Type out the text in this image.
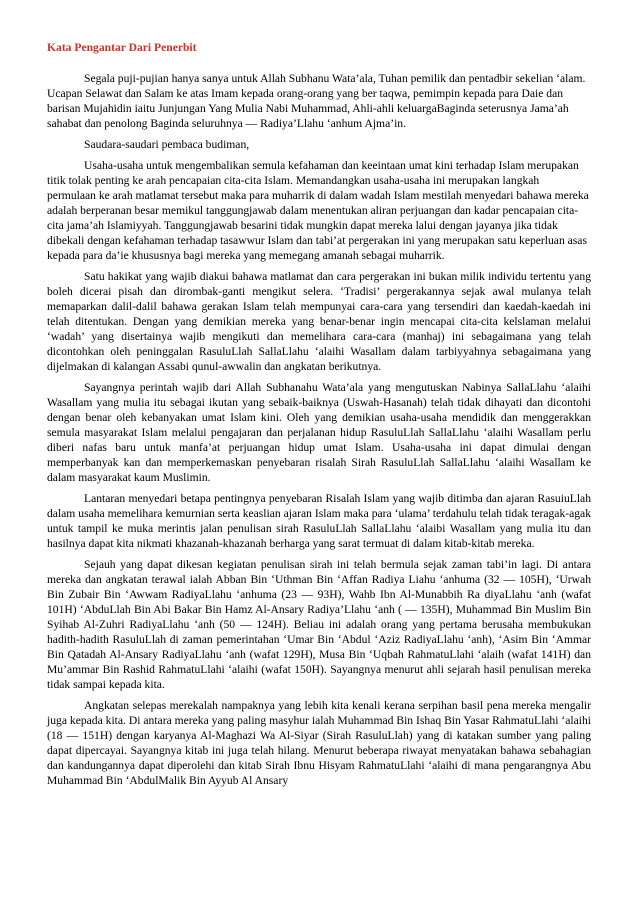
Kata Pengantar Dari Penerbit

Segala puji-pujian hanya sanya untuk Allah Subhanu Wata’ala, Tuhan pemilik dan pentadbir sekelian ‘alam. Ucapan Selawat dan Salam ke atas Imam kepada orang-orang yang ber taqwa, pemimpin kepada para Daie dan barisan Mujahidin iaitu Junjungan Yang Mulia Nabi Muhammad, Ahli-ahli keluargaBaginda seterusnya Jama’ah sahabat dan penolong Baginda seluruhnya — Radiya’Llahu ‘anhum Ajma’in.

Saudara-saudari pembaca budiman,

Usaha-usaha untuk mengembalikan semula kefahaman dan keeintaan umat kini terhadap Islam merupakan titik tolak penting ke arah pencapaian cita-cita Islam. Memandangkan usaha-usaha ini merupakan langkah permulaan ke arah matlamat tersebut maka para muharrik di dalam wadah Islam mestilah menyedari bahawa mereka adalah berperanan besar memikul tanggungjawab dalam menentukan aliran perjuangan dan kadar pencapaian cita-cita jama’ah Islamiyyah. Tanggungjawab besarini tidak mungkin dapat mereka lalui dengan jayanya jika tidak dibekali dengan kefahaman terhadap tasawwur Islam dan tabi’at pergerakan ini yang merupakan satu keperluan asas kepada para da’ie khususnya bagi mereka yang memegang amanah sebagai muharrik.

Satu hakikat yang wajib diakui bahawa matlamat dan cara pergerakan ini bukan milik individu tertentu yang boleh dicerai pisah dan dirombak-ganti mengikut selera. ‘Tradisi’ pergerakannya sejak awal mulanya telah memaparkan dalil-dalil bahawa gerakan Islam telah mempunyai cara-cara yang tersendiri dan kaedah-kaedah ini telah ditentukan. Dengan yang demikian mereka yang benar-benar ingin mencapai cita-cita kelslaman melalui ‘wadah’ yang disertainya wajib mengikuti dan memelihara cara-cara (manhaj) ini sebagaimana yang telah dicontohkan oleh peninggalan RasuluLlah SallaLlahu ‘alaihi Wasallam dalam tarbiyyahnya sebagaimana yang dijelmakan di kalangan Assabi qunul-awwalin dan angkatan berikutnya.

Sayangnya perintah wajib dari Allah Subhanahu Wata’ala yang mengutuskan Nabinya SallaLlahu ‘alaihi Wasallam yang mulia itu sebagai ikutan yang sebaik-baiknya (Uswah-Hasanah) telah tidak dihayati dan dicontohi dengan benar oleh kebanyakan umat Islam kini. Oleh yang demikian usaha-usaha mendidik dan menggerakkan semula masyarakat Islam melalui pengajaran dan perjalanan hidup RasuluLlah SallaLlahu ‘alaihi Wasallam perlu diberi nafas baru untuk manfa’at perjuangan hidup umat Islam. Usaha-usaha ini dapat dimulai dengan memperbanyak kan dan memperkemaskan penyebaran risalah Sirah RasuluLlah SallaLlahu ‘alaihi Wasallam ke dalam masyarakat kaum Muslimin.

Lantaran menyedari betapa pentingnya penyebaran Risalah Islam yang wajib ditimba dan ajaran RasuiuLlah dalam usaha memelihara kemurnian serta keaslian ajaran Islam maka para ‘ulama’ terdahulu telah tidak teragak-agak untuk tampil ke muka merintis jalan penulisan sirah RasuluLlah SallaLlahu ‘alaibi Wasallam yang mulia itu dan hasilnya dapat kita nikmati khazanah-khazanah berharga yang sarat termuat di dalam kitab-kitab mereka.

Sejauh yang dapat dikesan kegiatan penulisan sirah ini telah bermula sejak zaman tabi’in lagi. Di antara mereka dan angkatan terawal ialah Abban Bin ‘Uthman Bin ‘Affan Radiya Liahu ‘anhuma (32 — 105H), ‘Urwah Bin Zubair Bin ‘Awwam RadiyaLlahu ‘anhuma (23 — 93H), Wahb Ibn Al-Munabbih Ra diyaLlahu ‘anh (wafat 101H) ‘AbduLlah Bin Abi Bakar Bin Hamz Al-Ansary Radiya’Llahu ‘anh ( — 135H), Muhammad Bin Muslim Bin Syihab Al-Zuhri RadiyaLlahu ‘anh (50 — 124H). Beliau ini adalah orang yang pertama berusaha membukukan hadith-hadith RasuluLlah di zaman pemerintahan ‘Umar Bin ‘Abdul ‘Aziz RadiyaLlahu ‘anh), ‘Asim Bin ‘Ammar Bin Qatadah Al-Ansary RadiyaLlahu ‘anh (wafat 129H), Musa Bin ‘Uqbah RahmatuLlahi ‘alaih (wafat 141H) dan Mu’ammar Bin Rashid RahmatuLlahi ‘alaihi (wafat 150H). Sayangnya menurut ahli sejarah hasil penulisan mereka tidak sampai kepada kita.

Angkatan selepas merekalah nampaknya yang lebih kita kenali kerana serpihan basil pena mereka mengalir juga kepada kita. Di antara mereka yang paling masyhur ialah Muhammad Bin Ishaq Bin Yasar RahmatuLlahi ‘alaihi (18 — 151H) dengan karyanya Al-Maghazi Wa Al-Siyar (Sirah RasuluLlah) yang di katakan sumber yang paling dapat dipercayai. Sayangnya kitab ini juga telah hilang. Menurut beberapa riwayat menyatakan bahawa sebahagian dan kandungannya dapat diperolehi dan kitab Sirah Ibnu Hisyam RahmatuLlahi ‘alaihi di mana pengarangnya Abu Muhammad Bin ‘AbdulMalik Bin Ayyub Al Ansary
